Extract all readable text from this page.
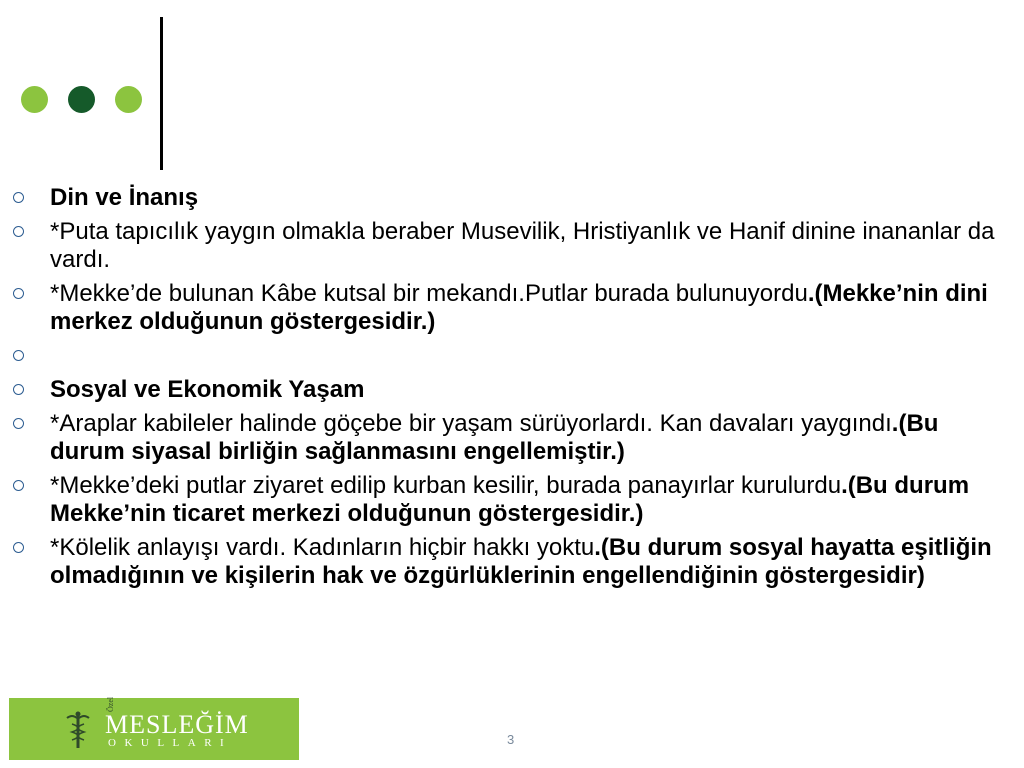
Din ve İnanış
*Puta tapıcılık yaygın olmakla beraber Musevilik, Hristiyanlık ve Hanif dinine inananlar da vardı.
*Mekke’de bulunan Kâbe kutsal bir mekandı.Putlar burada bulunuyordu.(Mekke’nin dini merkez olduğunun göstergesidir.)
Sosyal ve Ekonomik Yaşam
*Araplar kabileler halinde göçebe bir yaşam sürüyorlardı. Kan davaları yaygındı.(Bu durum siyasal birliğin sağlanmasını engellemiştir.)
*Mekke’deki putlar ziyaret edilip kurban kesilir, burada panayırlar kurulurdu.(Bu durum Mekke’nin ticaret merkezi olduğunun göstergesidir.)
*Kölelik anlayışı vardı. Kadınların hiçbir hakkı yoktu.(Bu durum sosyal hayatta eşitliğin olmadığının ve kişilerin hak ve özgürlüklerinin engellendiğinin göstergesidir)
Özel
MESLEĞİM
OKULLARI	3
